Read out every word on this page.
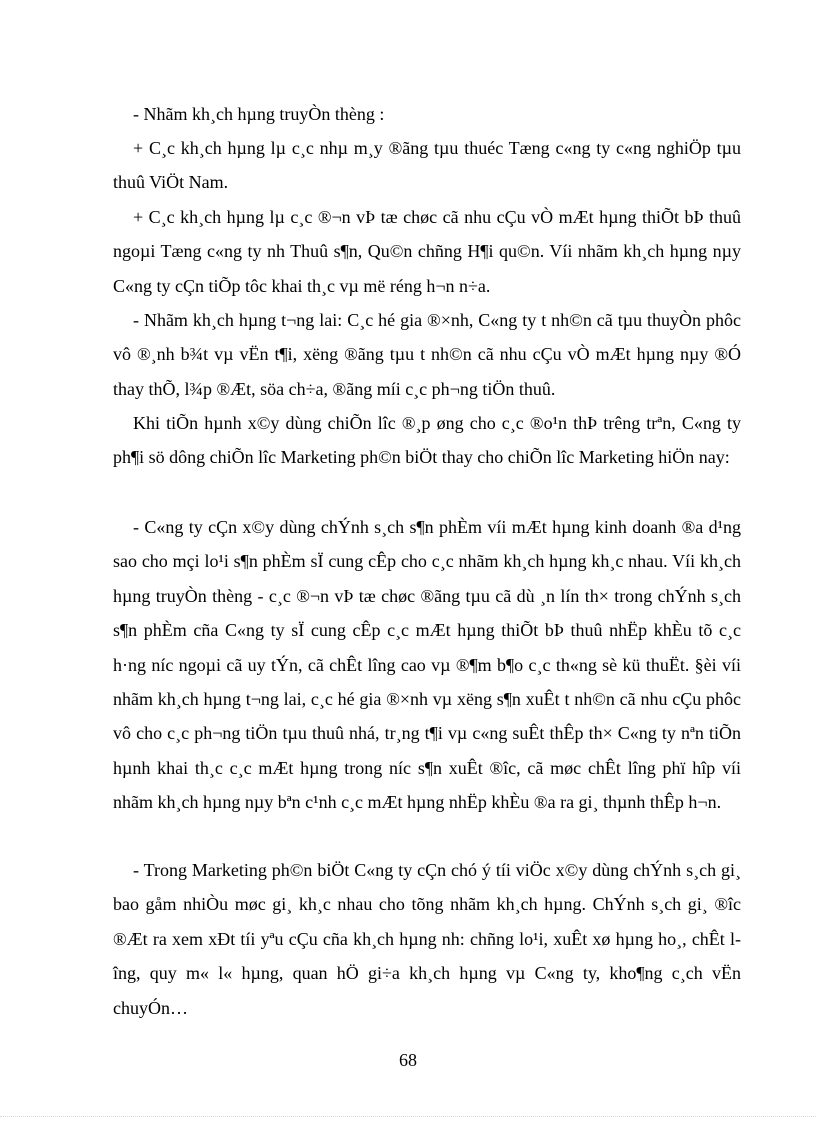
- Nhãm kh¸ch hµng truyÒn thèng :

+ C¸c kh¸ch hµng lµ c¸c nhµ m¸y ®ãng tµu thuéc Tæng c«ng ty c«ng nghiÖp tµu thuû ViÖt Nam.

+ C¸c kh¸ch hµng lµ c¸c ®¬n vÞ tæ chøc cã nhu cÇu vÒ mÆt hµng thiÕt bÞ thuû ngoµi Tæng c«ng ty nh Thuû s¶n, Qu©n chñng H¶i qu©n. Víi nhãm kh¸ch hµng nµy C«ng ty cÇn tiÕp tôc khai th¸c vµ më réng h¬n n÷a.

- Nhãm kh¸ch hµng t¬ng lai: C¸c hé gia ®×nh, C«ng ty t nh©n cã tµu thuyÒn phôc vô ®¸nh b¾t vµ vËn t¶i, xëng ®ãng tµu t nh©n cã nhu cÇu vÒ mÆt hµng nµy ®Ó thay thÕ, l¾p ®Æt, söa ch÷a, ®ãng míi c¸c ph¬ng tiÖn thuû.

Khi tiÕn hµnh x©y dùng chiÕn lîc ®¸p øng cho c¸c ®o¹n thÞ trêng trªn, C«ng ty ph¶i sö dông chiÕn lîc Marketing ph©n biÖt thay cho chiÕn lîc Marketing hiÖn nay:

- C«ng ty cÇn x©y dùng chÝnh s¸ch s¶n phÈm víi mÆt hµng kinh doanh ®a d¹ng sao cho mçi lo¹i s¶n phÈm sÏ cung cÊp cho c¸c nhãm kh¸ch hµng kh¸c nhau. Víi kh¸ch hµng truyÒn thèng - c¸c ®¬n vÞ tæ chøc ®ãng tµu cã dù ¸n lín th× trong chÝnh s¸ch s¶n phÈm cña C«ng ty sÏ cung cÊp c¸c mÆt hµng thiÕt bÞ thuû nhËp khÈu tõ c¸c h·ng níc ngoµi cã uy tÝn, cã chÊt lîng cao vµ ®¶m b¶o c¸c th«ng sè kü thuËt. §èi víi nhãm kh¸ch hµng t¬ng lai, c¸c hé gia ®×nh vµ xëng s¶n xuÊt t nh©n cã nhu cÇu phôc vô cho c¸c ph¬ng tiÖn tµu thuû nhá, tr¸ng t¶i vµ c«ng suÊt thÊp th× C«ng ty nªn tiÕn hµnh khai th¸c c¸c mÆt hµng trong níc s¶n xuÊt ®îc, cã møc chÊt lîng phï hîp víi nhãm kh¸ch hµng nµy bªn c¹nh c¸c mÆt hµng nhËp khÈu ®a ra gi¸ thµnh thÊp h¬n.

- Trong Marketing ph©n biÖt C«ng ty cÇn chó ý tíi viÖc x©y dùng chÝnh s¸ch gi¸ bao gåm nhiÒu møc gi¸ kh¸c nhau cho tõng nhãm kh¸ch hµng. ChÝnh s¸ch gi¸ ®îc ®Æt ra xem xÐt tíi yªu cÇu cña kh¸ch hµng nh: chñng lo¹i, xuÊt xø hµng ho¸, chÊt lîng, quy m« l« hµng, quan hÖ gi÷a kh¸ch hµng vµ C«ng ty, kho¶ng c¸ch vËn chuyÓn…

68
